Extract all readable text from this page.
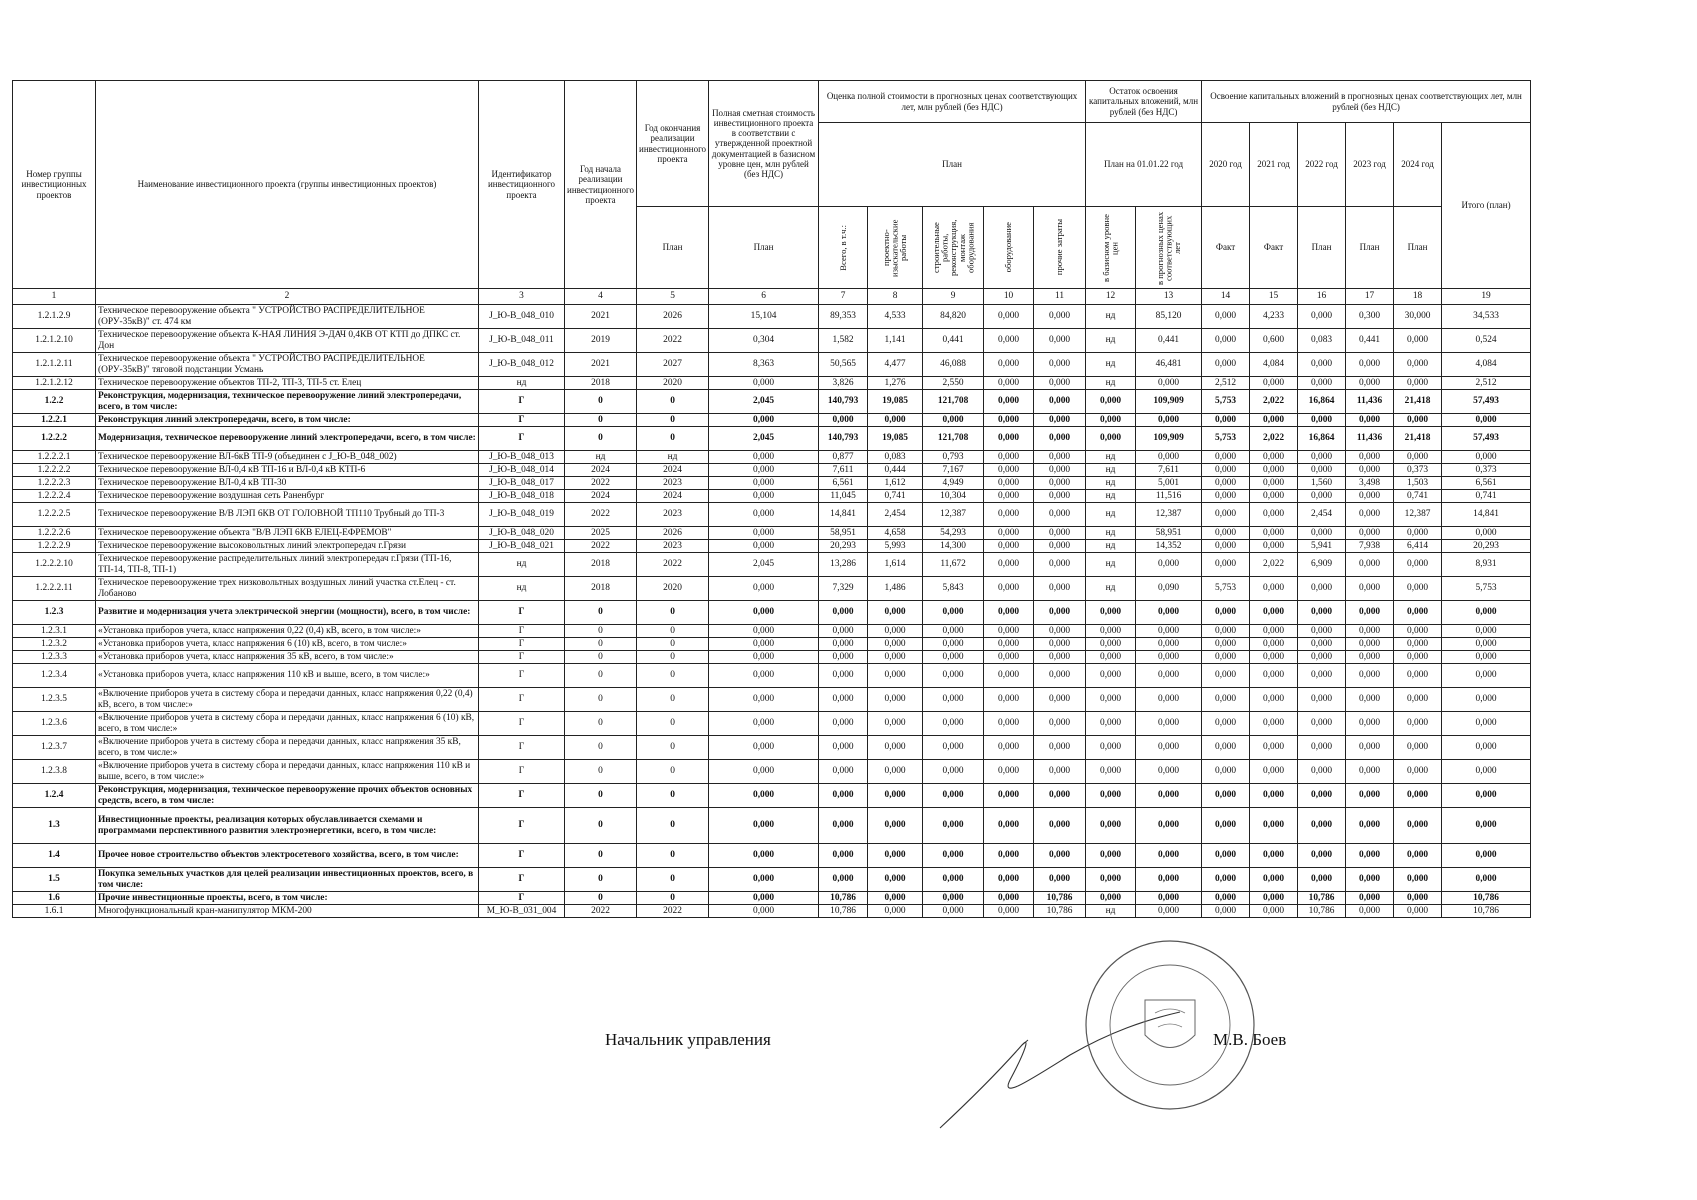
Номер группы инвестиционных проектов	Наименование инвестиционного проекта (группы инвестиционных проектов)	Идентификатор инвестиционного проекта	Год начала реализации инвестиционного проекта	Год окончания реализации инвестиционного проекта	Полная сметная стоимость инвестиционного проекта в соответствии с утвержденной проектной документацией в базисном уровне цен, млн рублей (без НДС)	Оценка полной стоимости в прогнозных ценах соответствующих лет, млн рублей (без НДС)					Остаток освоения капитальных вложений, млн рублей (без НДС)		Освоение капитальных вложений в прогнозных ценах соответствующих лет, млн рублей (без НДС)					
						План					План на 01.01.22 год		2020 год	2021 год	2022 год	2023 год	2024 год	Итого (план)
				План	План	Всего, в т.ч.:	проектно-изыскательские работы	строительные работы, реконструкция, монтаж оборудования	оборудование	прочие затраты	в базисном уровне цен	в прогнозных ценах соответствующих лет	Факт	Факт	План	План	План	
1	2	3	4	5	6	7	8	9	10	11	12	13	14	15	16	17	18	19
1.2.1.2.9	Техническое перевооружение объекта " УСТРОЙСТВО РАСПРЕДЕЛИТЕЛЬНОЕ (ОРУ-35кВ)" ст. 474 км	J_Ю-В_048_010	2021	2026	15,104	89,353	4,533	84,820	0,000	0,000	нд	85,120	0,000	4,233	0,000	0,300	30,000	34,533
1.2.1.2.10	Техническое перевооружение объекта К-НАЯ ЛИНИЯ Э-ДАЧ 0,4КВ ОТ КТП до ДПКС ст. Дон	J_Ю-В_048_011	2019	2022	0,304	1,582	1,141	0,441	0,000	0,000	нд	0,441	0,000	0,600	0,083	0,441	0,000	0,524
1.2.1.2.11	Техническое перевооружение объекта " УСТРОЙСТВО РАСПРЕДЕЛИТЕЛЬНОЕ (ОРУ-35кВ)" тяговой подстанции Усмань	J_Ю-В_048_012	2021	2027	8,363	50,565	4,477	46,088	0,000	0,000	нд	46,481	0,000	4,084	0,000	0,000	0,000	4,084
1.2.1.2.12	Техническое перевооружение объектов ТП-2, ТП-3, ТП-5 ст. Елец	нд	2018	2020	0,000	3,826	1,276	2,550	0,000	0,000	нд	0,000	2,512	0,000	0,000	0,000	0,000	2,512
1.2.2	Реконструкция, модернизация, техническое перевооружение линий электропередачи, всего, в том числе:	Г	0	0	2,045	140,793	19,085	121,708	0,000	0,000	0,000	109,909	5,753	2,022	16,864	11,436	21,418	57,493
1.2.2.1	Реконструкция линий электропередачи, всего, в том числе:	Г	0	0	0,000	0,000	0,000	0,000	0,000	0,000	0,000	0,000	0,000	0,000	0,000	0,000	0,000	0,000
1.2.2.2	Модернизация, техническое перевооружение линий электропередачи, всего, в том числе:	Г	0	0	2,045	140,793	19,085	121,708	0,000	0,000	0,000	109,909	5,753	2,022	16,864	11,436	21,418	57,493
1.2.2.2.1	Техническое перевооружение ВЛ-6кВ ТП-9 (объединен с J_Ю-В_048_002)	J_Ю-В_048_013	нд	нд	0,000	0,877	0,083	0,793	0,000	0,000	нд	0,000	0,000	0,000	0,000	0,000	0,000	0,000
1.2.2.2.2	Техническое перевооружение ВЛ-0,4 кВ ТП-16 и ВЛ-0,4 кВ КТП-6	J_Ю-В_048_014	2024	2024	0,000	7,611	0,444	7,167	0,000	0,000	нд	7,611	0,000	0,000	0,000	0,000	0,373	0,373
1.2.2.2.3	Техническое перевооружение ВЛ-0,4 кВ ТП-30	J_Ю-В_048_017	2022	2023	0,000	6,561	1,612	4,949	0,000	0,000	нд	5,001	0,000	0,000	1,560	3,498	1,503	6,561
1.2.2.2.4	Техническое перевооружение воздушная сеть Раненбург	J_Ю-В_048_018	2024	2024	0,000	11,045	0,741	10,304	0,000	0,000	нд	11,516	0,000	0,000	0,000	0,000	0,741	0,741
1.2.2.2.5	Техническое перевооружение В/В ЛЭП 6КВ ОТ ГОЛОВНОЙ ТП110 Трубный до ТП-3	J_Ю-В_048_019	2022	2023	0,000	14,841	2,454	12,387	0,000	0,000	нд	12,387	0,000	0,000	2,454	0,000	12,387	14,841
1.2.2.2.6	Техническое перевооружение объекта "В/В ЛЭП 6КВ ЕЛЕЦ-ЕФРЕМОВ"	J_Ю-В_048_020	2025	2026	0,000	58,951	4,658	54,293	0,000	0,000	нд	58,951	0,000	0,000	0,000	0,000	0,000	0,000
1.2.2.2.9	Техническое перевооружение высоковольтных линий электропередач г.Грязи	J_Ю-В_048_021	2022	2023	0,000	20,293	5,993	14,300	0,000	0,000	нд	14,352	0,000	0,000	5,941	7,938	6,414	20,293
1.2.2.2.10	Техническое перевооружение распределительных линий электропередач г.Грязи (ТП-16, ТП-14, ТП-8, ТП-1)	нд	2018	2022	2,045	13,286	1,614	11,672	0,000	0,000	нд	0,000	0,000	2,022	6,909	0,000	0,000	8,931
1.2.2.2.11	Техническое перевооружение трех низковольтных воздушных линий участка ст.Елец - ст. Лобаново	нд	2018	2020	0,000	7,329	1,486	5,843	0,000	0,000	нд	0,090	5,753	0,000	0,000	0,000	0,000	5,753
1.2.3	Развитие и модернизация учета электрической энергии (мощности), всего, в том числе:	Г	0	0	0,000	0,000	0,000	0,000	0,000	0,000	0,000	0,000	0,000	0,000	0,000	0,000	0,000	0,000
1.2.3.1	«Установка приборов учета, класс напряжения 0,22 (0,4) кВ, всего, в том числе:»	Г	0	0	0,000	0,000	0,000	0,000	0,000	0,000	0,000	0,000	0,000	0,000	0,000	0,000	0,000	0,000
1.2.3.2	«Установка приборов учета, класс напряжения 6 (10) кВ, всего, в том числе:»	Г	0	0	0,000	0,000	0,000	0,000	0,000	0,000	0,000	0,000	0,000	0,000	0,000	0,000	0,000	0,000
1.2.3.3	«Установка приборов учета, класс напряжения 35 кВ, всего, в том числе:»	Г	0	0	0,000	0,000	0,000	0,000	0,000	0,000	0,000	0,000	0,000	0,000	0,000	0,000	0,000	0,000
1.2.3.4	«Установка приборов учета, класс напряжения 110 кВ и выше, всего, в том числе:»	Г	0	0	0,000	0,000	0,000	0,000	0,000	0,000	0,000	0,000	0,000	0,000	0,000	0,000	0,000	0,000
1.2.3.5	«Включение приборов учета в систему сбора и передачи данных, класс напряжения 0,22 (0,4) кВ, всего, в том числе:»	Г	0	0	0,000	0,000	0,000	0,000	0,000	0,000	0,000	0,000	0,000	0,000	0,000	0,000	0,000	0,000
1.2.3.6	«Включение приборов учета в систему сбора и передачи данных, класс напряжения 6 (10) кВ, всего, в том числе:»	Г	0	0	0,000	0,000	0,000	0,000	0,000	0,000	0,000	0,000	0,000	0,000	0,000	0,000	0,000	0,000
1.2.3.7	«Включение приборов учета в систему сбора и передачи данных, класс напряжения 35 кВ, всего, в том числе:»	Г	0	0	0,000	0,000	0,000	0,000	0,000	0,000	0,000	0,000	0,000	0,000	0,000	0,000	0,000	0,000
1.2.3.8	«Включение приборов учета в систему сбора и передачи данных, класс напряжения 110 кВ и выше, всего, в том числе:»	Г	0	0	0,000	0,000	0,000	0,000	0,000	0,000	0,000	0,000	0,000	0,000	0,000	0,000	0,000	0,000
1.2.4	Реконструкция, модернизация, техническое перевооружение прочих объектов основных средств, всего, в том числе:	Г	0	0	0,000	0,000	0,000	0,000	0,000	0,000	0,000	0,000	0,000	0,000	0,000	0,000	0,000	0,000
1.3	Инвестиционные проекты, реализация которых обуславливается схемами и программами перспективного развития электроэнергетики, всего, в том числе:	Г	0	0	0,000	0,000	0,000	0,000	0,000	0,000	0,000	0,000	0,000	0,000	0,000	0,000	0,000	0,000
1.4	Прочее новое строительство объектов электросетевого хозяйства, всего, в том числе:	Г	0	0	0,000	0,000	0,000	0,000	0,000	0,000	0,000	0,000	0,000	0,000	0,000	0,000	0,000	0,000
1.5	Покупка земельных участков для целей реализации инвестиционных проектов, всего, в том числе:	Г	0	0	0,000	0,000	0,000	0,000	0,000	0,000	0,000	0,000	0,000	0,000	0,000	0,000	0,000	0,000
1.6	Прочие инвестиционные проекты, всего, в том числе:	Г	0	0	0,000	10,786	0,000	0,000	0,000	10,786	0,000	0,000	0,000	0,000	10,786	0,000	0,000	10,786
1.6.1	Многофункциональный кран-манипулятор МКМ-200	М_Ю-В_031_004	2022	2022	0,000	10,786	0,000	0,000	0,000	10,786	нд	0,000	0,000	0,000	10,786	0,000	0,000	10,786
Начальник управления	М.В. Боев
